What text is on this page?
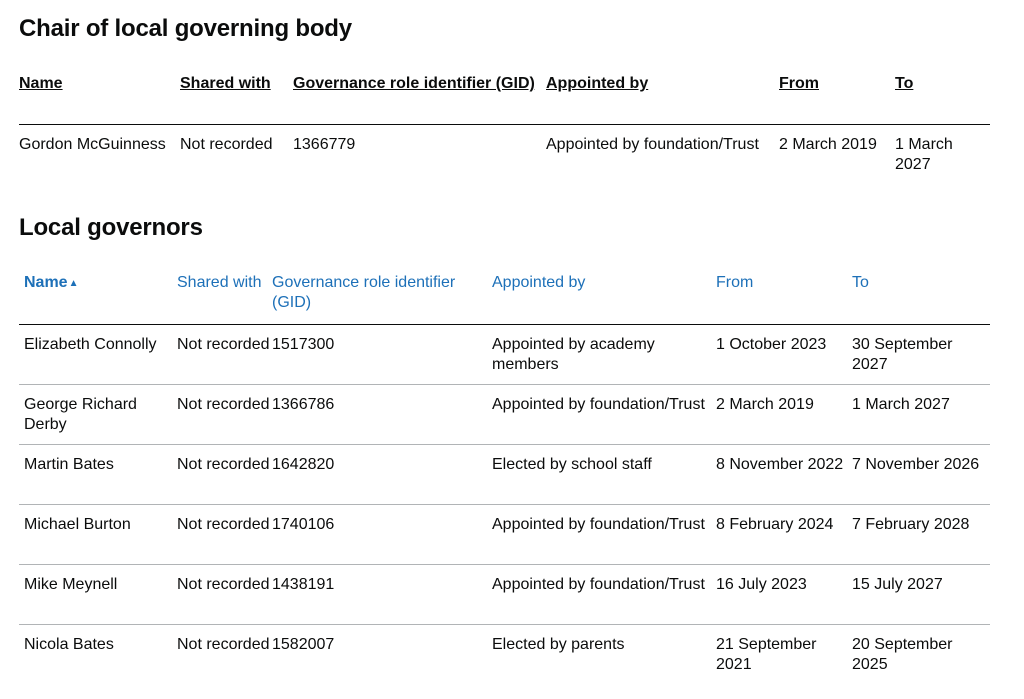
Chair of local governing body
Name	Shared with	Governance role identifier (GID)	Appointed by	From	To
Gordon McGuinness	Not recorded	1366779	Appointed by foundation/Trust	2 March 2019	1 March 2027
Local governors
Name▲	Shared with	Governance role identifier (GID)	Appointed by	From	To
Elizabeth Connolly	Not recorded	1517300	Appointed by academy members	1 October 2023	30 September 2027
George Richard Derby	Not recorded	1366786	Appointed by foundation/Trust	2 March 2019	1 March 2027
Martin Bates	Not recorded	1642820	Elected by school staff	8 November 2022	7 November 2026
Michael Burton	Not recorded	1740106	Appointed by foundation/Trust	8 February 2024	7 February 2028
Mike Meynell	Not recorded	1438191	Appointed by foundation/Trust	16 July 2023	15 July 2027
Nicola Bates	Not recorded	1582007	Elected by parents	21 September 2021	20 September 2025
